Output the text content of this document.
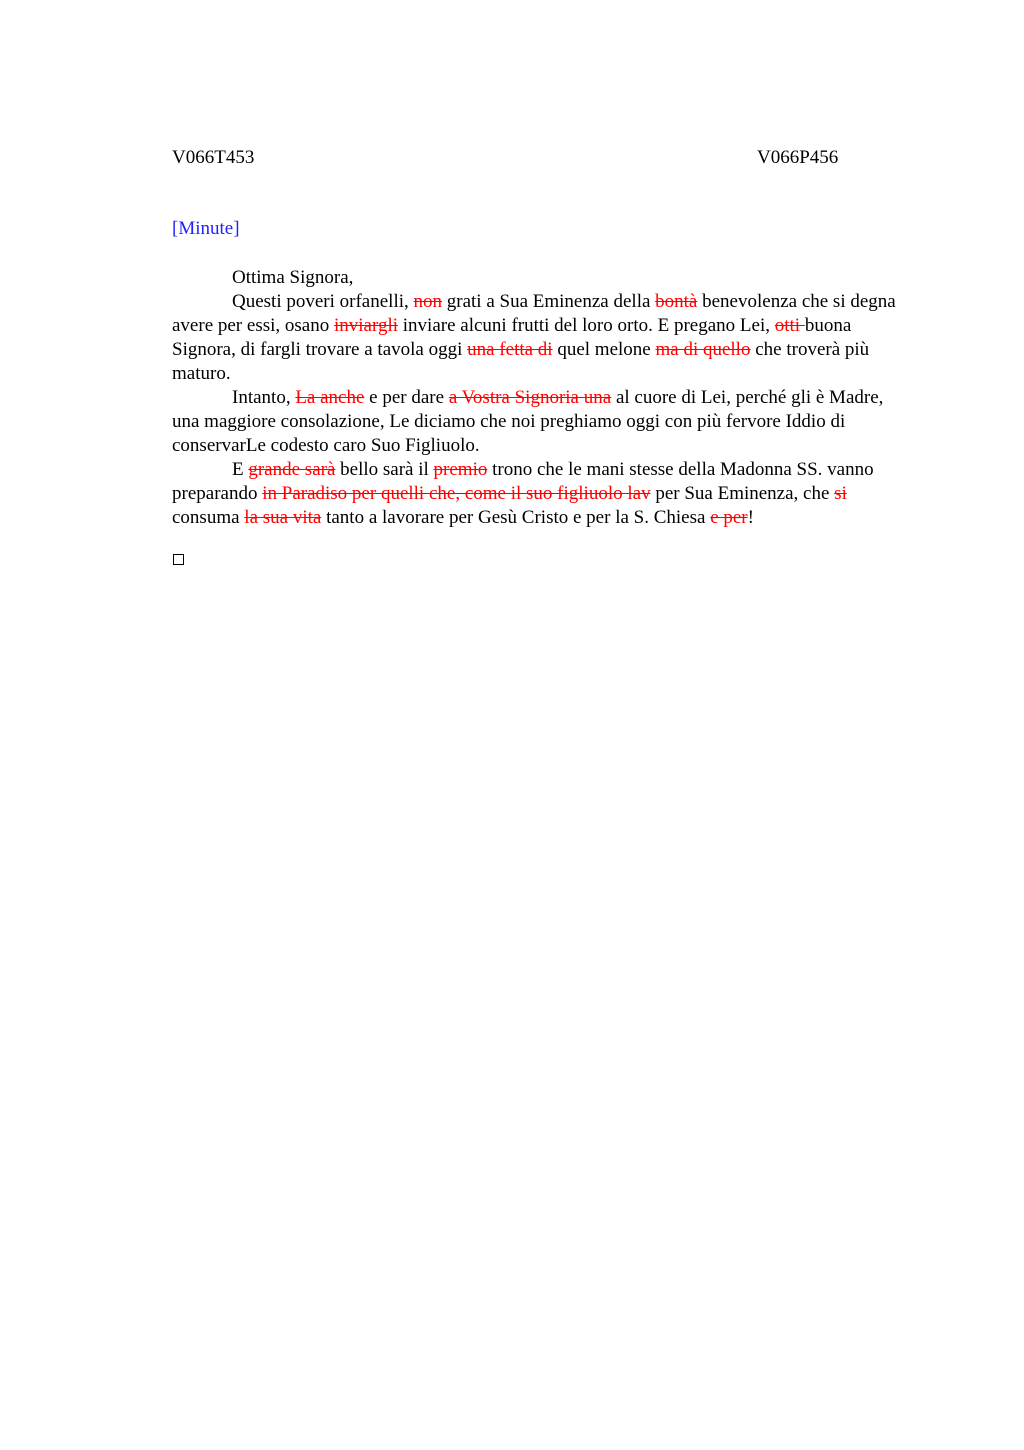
V066T453	V066P456
[Minute]

Ottima Signora,

Questi poveri orfanelli, non grati a Sua Eminenza della bontà benevolenza che si degna avere per essi, osano inviargli inviare alcuni frutti del loro orto. E pregano Lei, otti buona Signora, di fargli trovare a tavola oggi una fetta di quel melone ma di quello che troverà più maturo.

Intanto, La anche e per dare a Vostra Signoria una al cuore di Lei, perché gli è Madre, una maggiore consolazione, Le diciamo che noi preghiamo oggi con più fervore Iddio di conservarLe codesto caro Suo Figliuolo.

E grande sarà bello sarà il premio trono che le mani stesse della Madonna SS. vanno preparando in Paradiso per quelli che, come il suo figliuolo lav per Sua Eminenza, che si consuma la sua vita tanto a lavorare per Gesù Cristo e per la S. Chiesa e per!
